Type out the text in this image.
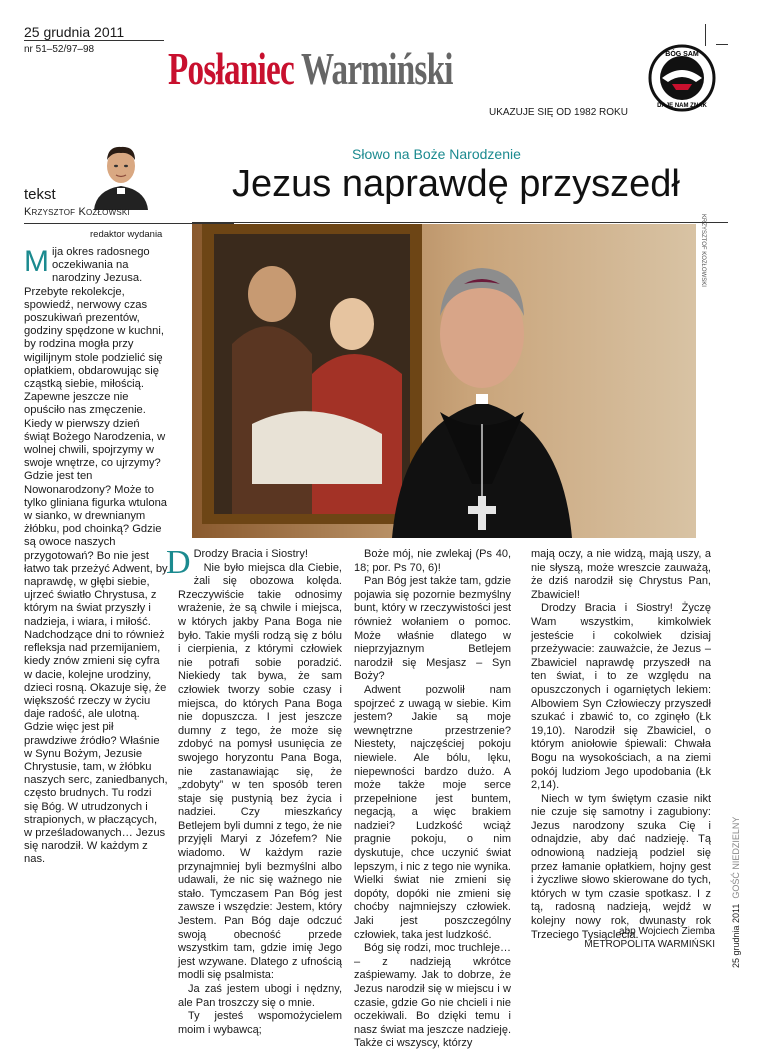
25 grudnia 2011
nr 51–52/97–98 Posłaniec Warmiński
UKAZUJE SIĘ OD 1982 ROKU
BÓG SAM
DAJE NAM ZNAK
tekst
Krzysztof Kozłowski
redaktor wydania
Słowo na Boże Narodzenie
Jezus naprawdę przyszedł
Mija okres radosnego oczekiwania na narodziny Jezusa. Przebyte rekolekcje, spowiedź, nerwowy czas poszukiwań prezentów, godziny spędzone w kuchni, by rodzina mogła przy wigilijnym stole podzielić się opłatkiem, obdarowując się cząstką siebie, miłością. Zapewne jeszcze nie opuściło nas zmęczenie. Kiedy w pierwszy dzień świąt Bożego Narodzenia, w wolnej chwili, spojrzymy w swoje wnętrze, co ujrzymy? Gdzie jest ten Nowonarodzony? Może to tylko gliniana figurka wtulona w sianko, w drewnianym żłóbku, pod choinką? Gdzie są owoce naszych przygotowań? Bo nie jest łatwo tak przeżyć Adwent, by naprawdę, w głębi siebie, ujrzeć światło Chrystusa, z którym na świat przyszły i nadzieja, i wiara, i miłość. Nadchodzące dni to również refleksja nad przemijaniem, kiedy znów zmieni się cyfra w dacie, kolejne urodziny, dzieci rosną. Okazuje się, że większość rzeczy w życiu daje radość, ale ulotną. Gdzie więc jest pił prawdziwe źródło? Właśnie w Synu Bożym, Jezusie Chrystusie, tam, w żłóbku naszych serc, zaniedbanych, często brudnych. Tu rodzi się Bóg. W utrudzonych i strapionych, w płaczących, w prześladowanych… Jezus się narodził. W każdym z nas.
KRZYSZTOF KOZŁOWSKI

D Drodzy Bracia i Siostry!

Nie było miejsca dla Ciebie, żali się obozowa kolęda. Rzeczywiście takie odnosimy wrażenie, że są chwile i miejsca, w których jakby Pana Boga nie było. Takie myśli rodzą się z bólu i cierpienia, z którymi człowiek nie potrafi sobie poradzić. Niekiedy tak bywa, że sam człowiek tworzy sobie czasy i miejsca, do których Pana Boga nie dopuszcza. I jest jeszcze dumny z tego, że może się zdobyć na pomysł usunięcia ze swojego horyzontu Pana Boga, nie zastanawiając się, że „zdobyty” w ten sposób teren staje się pustynią bez życia i nadziei. Czy mieszkańcy Betlejem byli dumni z tego, że nie przyjęli Maryi z Józefem? Nie wiadomo. W każdym razie przynajmniej byli bezmyślni albo udawali, że nic się ważnego nie stało. Tymczasem Pan Bóg jest zawsze i wszędzie: Jestem, który Jestem. Pan Bóg daje odczuć swoją obecność przede wszystkim tam, gdzie imię Jego jest wzywane. Dlatego z ufnością modli się psalmista:

Ja zaś jestem ubogi i nędzny, ale Pan troszczy się o mnie.

Ty jesteś wspomożycielem moim i wybawcą;

Boże mój, nie zwlekaj (Ps 40, 18; por. Ps 70, 6)!

Pan Bóg jest także tam, gdzie pojawia się pozornie bezmyślny bunt, który w rzeczywistości jest również wołaniem o pomoc. Może właśnie dlatego w nieprzyjaznym Betlejem narodził się Mesjasz – Syn Boży?

Adwent pozwolił nam spojrzeć z uwagą w siebie. Kim jestem? Jakie są moje wewnętrzne przestrzenie? Niestety, najczęściej pokoju niewiele. Ale bólu, lęku, niepewności bardzo dużo. A może także moje serce przepełnione jest buntem, negacją, a więc brakiem nadziei? Ludzkość wciąż pragnie pokoju, o nim dyskutuje, chce uczynić świat lepszym, i nic z tego nie wynika. Wielki świat nie zmieni się dopóty, dopóki nie zmieni się choćby najmniejszy człowiek. Jaki jest poszczególny człowiek, taka jest ludzkość.

Bóg się rodzi, moc truchleje… – z nadzieją wkrótce zaśpiewamy. Jak to dobrze, że Jezus narodził się w miejscu i w czasie, gdzie Go nie chcieli i nie oczekiwali. Bo dzięki temu i nasz świat ma jeszcze nadzieję. Także ci wszyscy, którzy

mają oczy, a nie widzą, mają uszy, a nie słyszą, może wreszcie zauważą, że dziś narodził się Chrystus Pan, Zbawiciel!

Drodzy Bracia i Siostry! Życzę Wam wszystkim, kimkolwiek jesteście i cokolwiek dzisiaj przeżywacie: zauważcie, że Jezus – Zbawiciel naprawdę przyszedł na ten świat, i to ze względu na opuszczonych i ogarniętych lekiem: Albowiem Syn Człowieczy przyszedł szukać i zbawić to, co zginęło (Łk 19,10). Narodził się Zbawiciel, o którym aniołowie śpiewali: Chwała Bogu na wysokościach, a na ziemi pokój ludziom Jego upodobania (Łk 2,14).

Niech w tym świętym czasie nikt nie czuje się samotny i zagubiony: Jezus narodzony szuka Cię i odnajdzie, aby dać nadzieję. Tą odnowioną nadzieją podziel się przez łamanie opłatkiem, hojny gest i życzliwe słowo skierowane do tych, których w tym czasie spotkasz. I z tą, radosną nadzieją, wejdź w kolejny nowy rok, dwunasty rok Trzeciego Tysiąclecia.

abp Wojciech Ziemba
METROPOLITA WARMIŃSKI 25 grudnia 2011  GOŚĆ NIEDZIELNY
